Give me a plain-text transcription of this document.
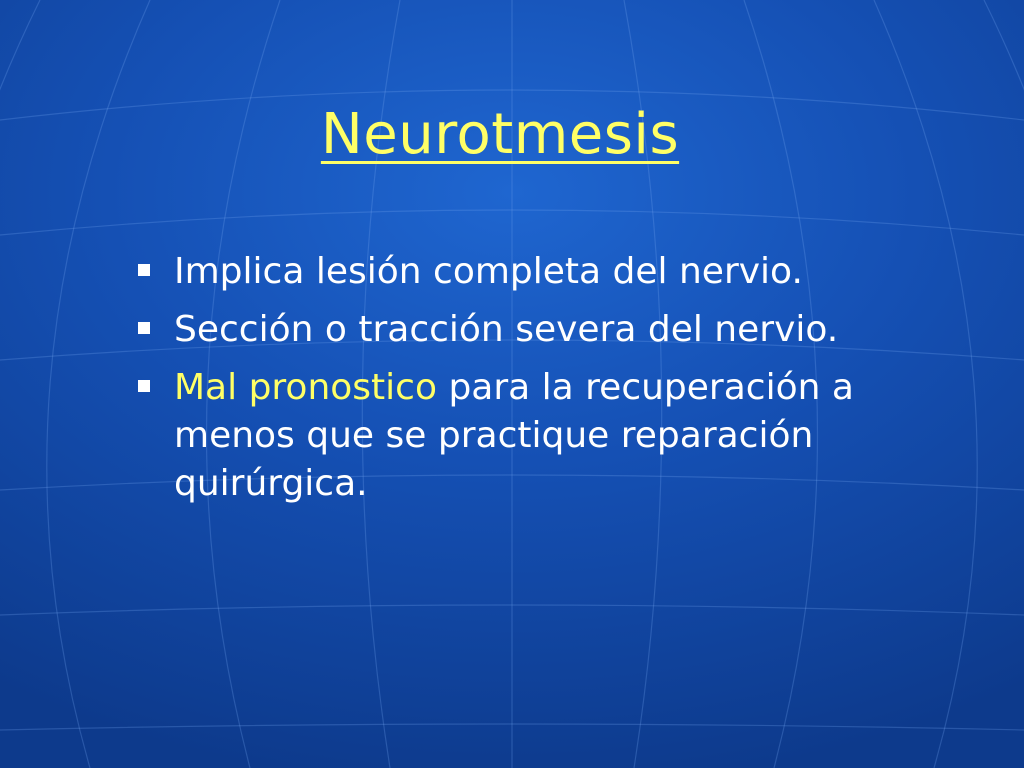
Neurotmesis
Implica lesión completa del nervio.
Sección o tracción severa del nervio.
Mal pronostico para la recuperación a menos que se practique reparación quirúrgica.
